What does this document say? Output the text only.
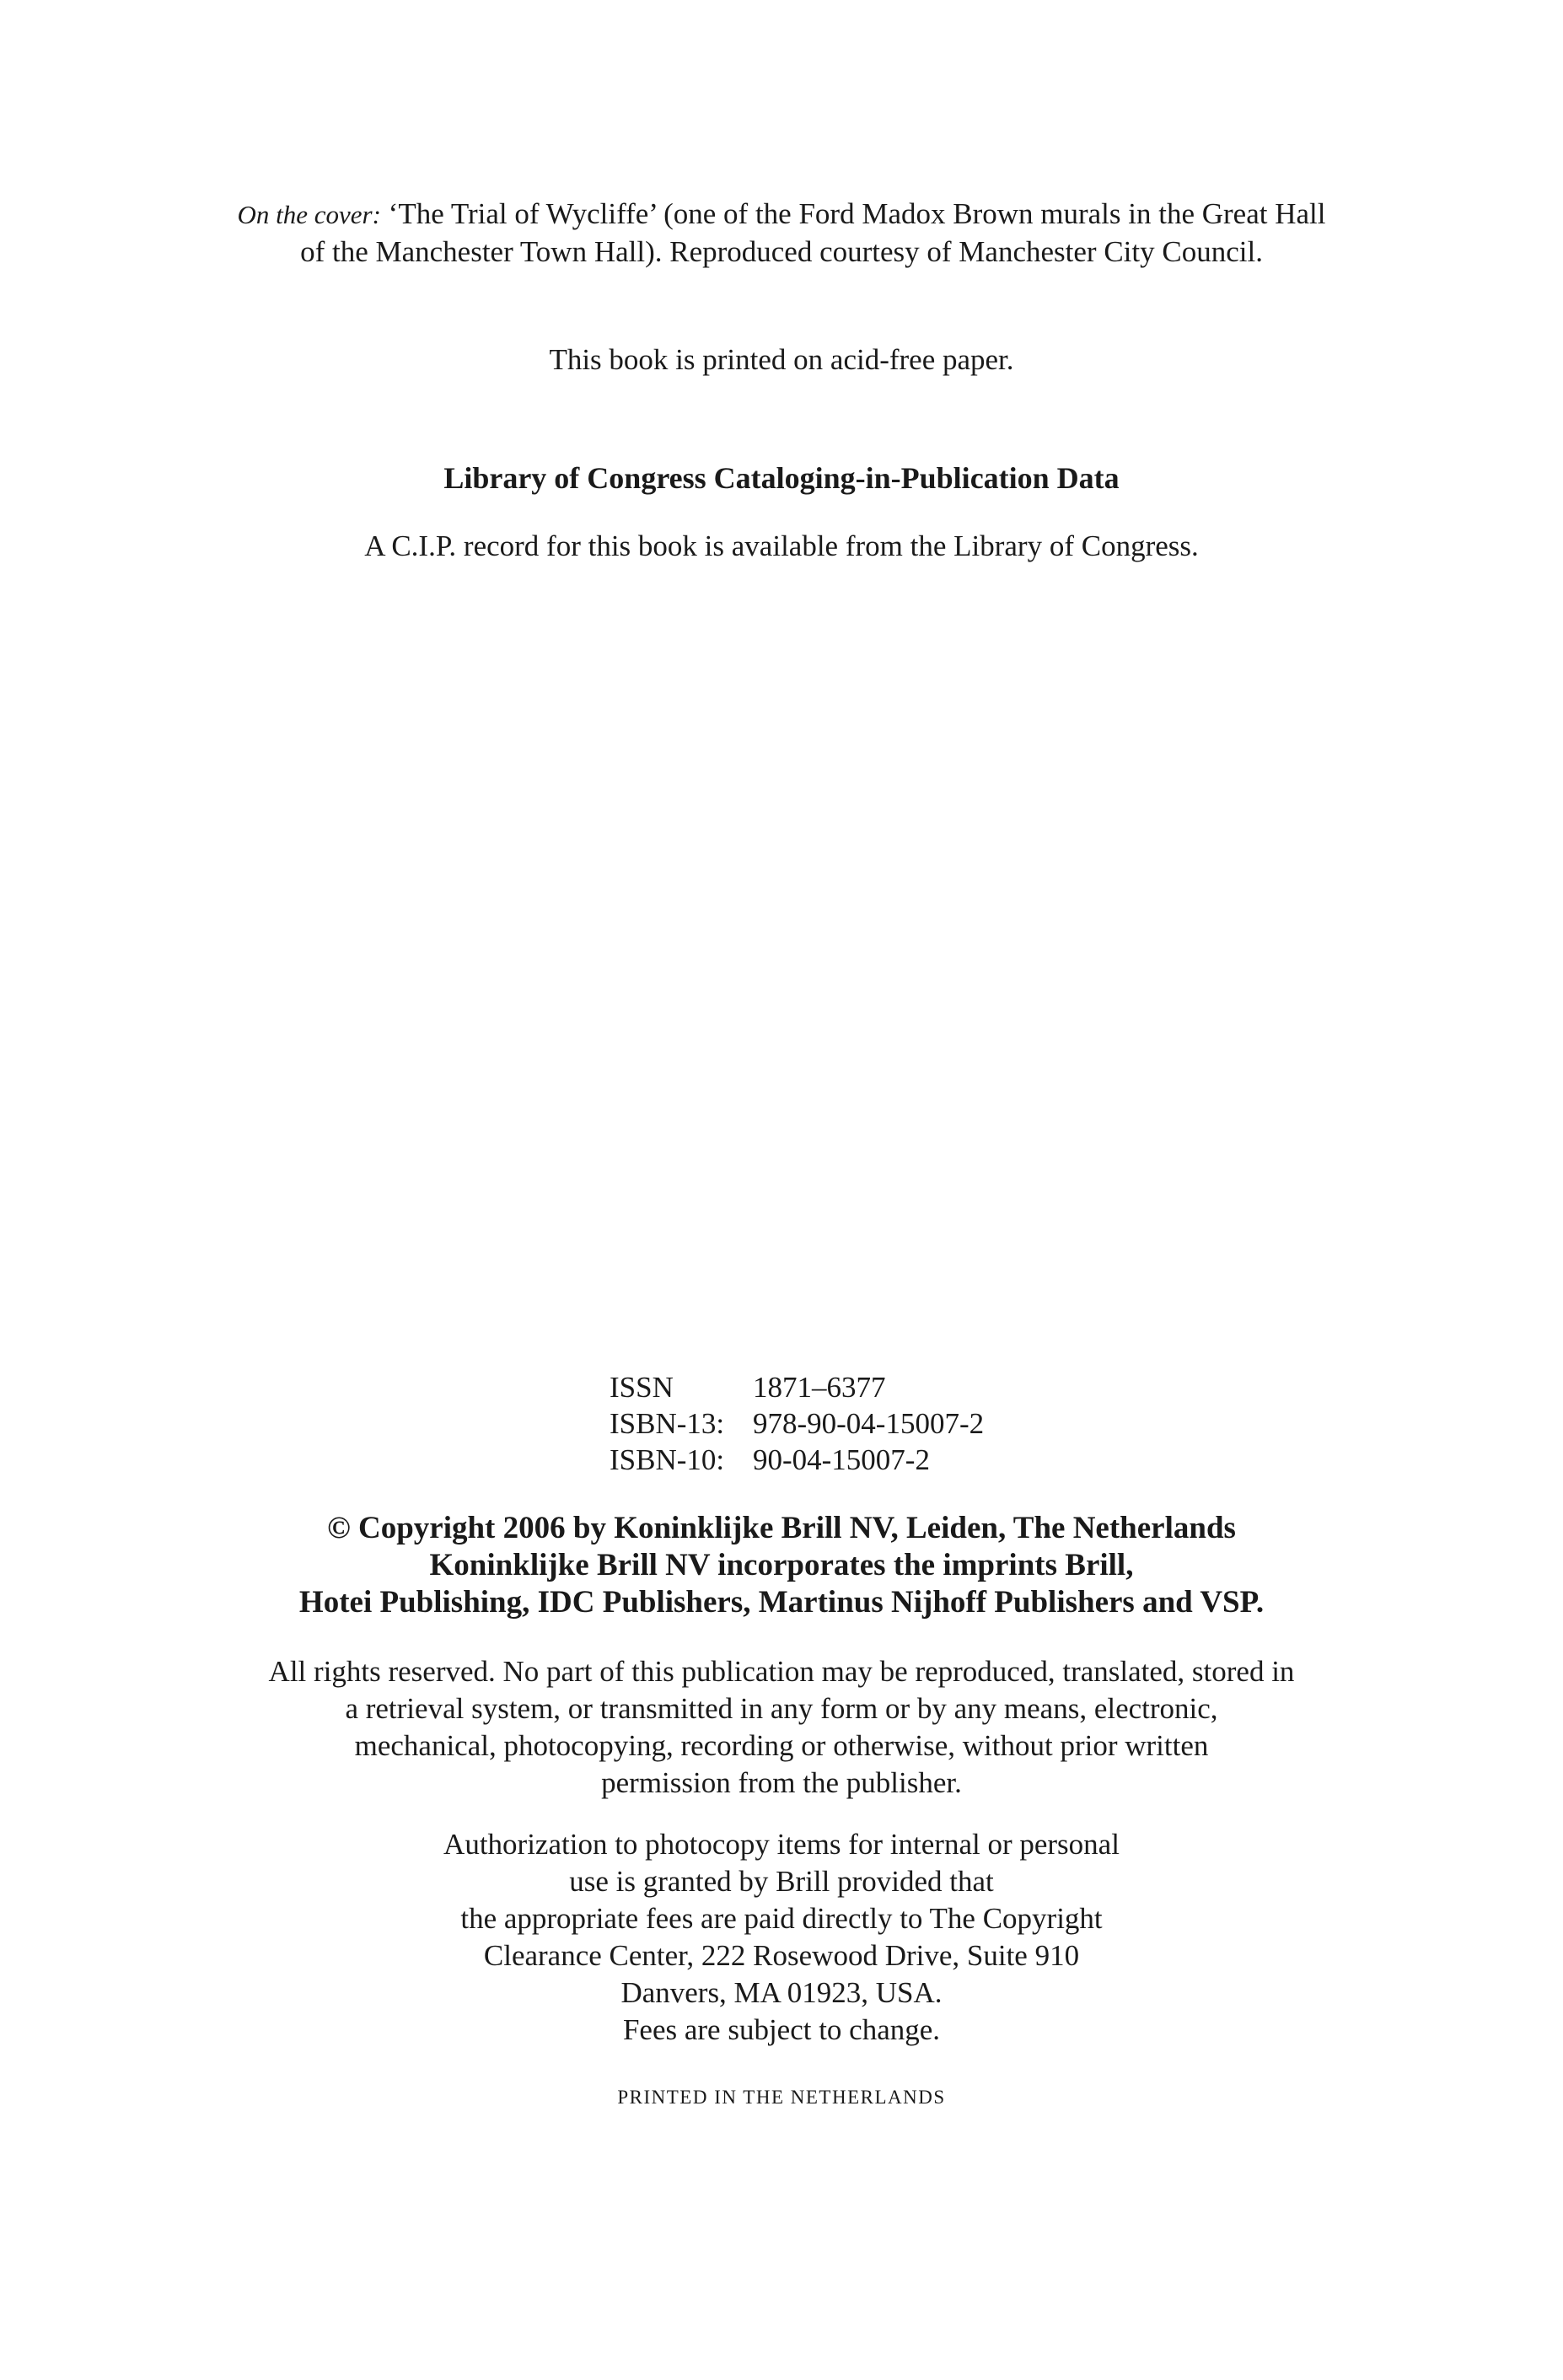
On the cover: ‘The Trial of Wycliffe’ (one of the Ford Madox Brown murals in the Great Hall
of the Manchester Town Hall). Reproduced courtesy of Manchester City Council.
This book is printed on acid-free paper.
Library of Congress Cataloging-in-Publication Data
A C.I.P. record for this book is available from the Library of Congress.
ISSN	1871–6377
ISBN-13: 978-90-04-15007-2
ISBN-10: 90-04-15007-2
© Copyright 2006 by Koninklijke Brill NV, Leiden, The Netherlands
Koninklijke Brill NV incorporates the imprints Brill,
Hotei Publishing, IDC Publishers, Martinus Nijhoff Publishers and VSP.
All rights reserved. No part of this publication may be reproduced, translated, stored in
a retrieval system, or transmitted in any form or by any means, electronic,
mechanical, photocopying, recording or otherwise, without prior written
permission from the publisher.
Authorization to photocopy items for internal or personal
use is granted by Brill provided that
the appropriate fees are paid directly to The Copyright
Clearance Center, 222 Rosewood Drive, Suite 910
Danvers, MA 01923, USA.
Fees are subject to change.
PRINTED IN THE NETHERLANDS
